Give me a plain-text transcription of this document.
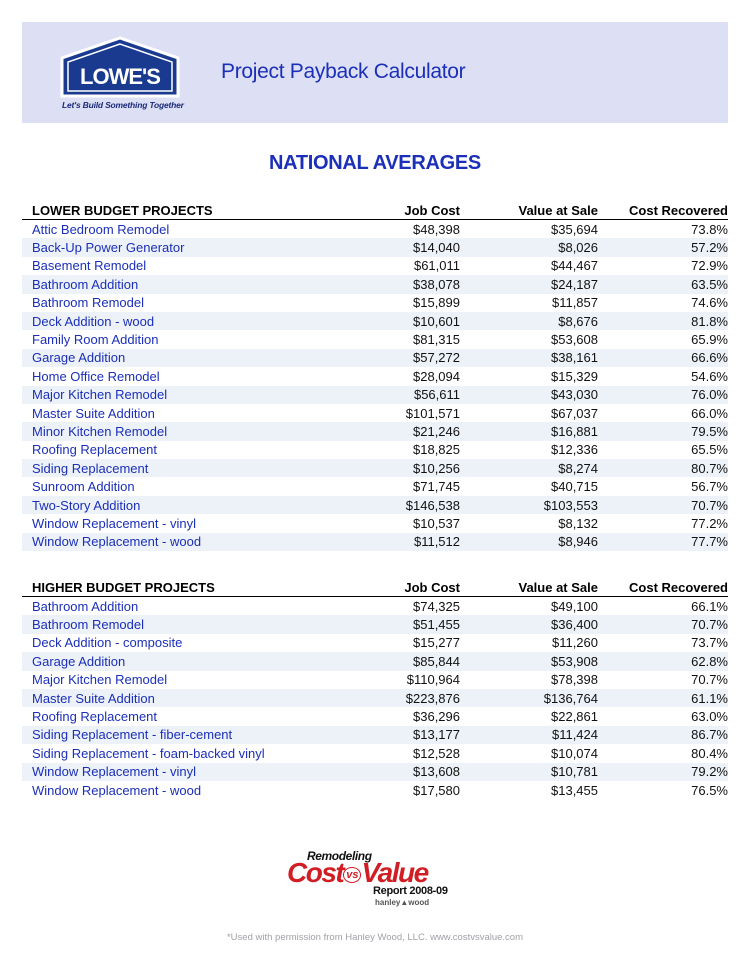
LOWE'S
Let's Build Something Together
Project Payback Calculator
NATIONAL AVERAGES
LOWER BUDGET PROJECTS	Job Cost	Value at Sale	Cost Recovered
Attic Bedroom Remodel	$48,398	$35,694	73.8%
Back-Up Power Generator	$14,040	$8,026	57.2%
Basement Remodel	$61,011	$44,467	72.9%
Bathroom Addition	$38,078	$24,187	63.5%
Bathroom Remodel	$15,899	$11,857	74.6%
Deck Addition - wood	$10,601	$8,676	81.8%
Family Room Addition	$81,315	$53,608	65.9%
Garage Addition	$57,272	$38,161	66.6%
Home Office Remodel	$28,094	$15,329	54.6%
Major Kitchen Remodel	$56,611	$43,030	76.0%
Master Suite Addition	$101,571	$67,037	66.0%
Minor Kitchen Remodel	$21,246	$16,881	79.5%
Roofing Replacement	$18,825	$12,336	65.5%
Siding Replacement	$10,256	$8,274	80.7%
Sunroom Addition	$71,745	$40,715	56.7%
Two-Story Addition	$146,538	$103,553	70.7%
Window Replacement - vinyl	$10,537	$8,132	77.2%
Window Replacement - wood	$11,512	$8,946	77.7%
HIGHER BUDGET PROJECTS	Job Cost	Value at Sale	Cost Recovered
Bathroom Addition	$74,325	$49,100	66.1%
Bathroom Remodel	$51,455	$36,400	70.7%
Deck Addition - composite	$15,277	$11,260	73.7%
Garage Addition	$85,844	$53,908	62.8%
Major Kitchen Remodel	$110,964	$78,398	70.7%
Master Suite Addition	$223,876	$136,764	61.1%
Roofing Replacement	$36,296	$22,861	63.0%
Siding Replacement - fiber-cement	$13,177	$11,424	86.7%
Siding Replacement - foam-backed vinyl	$12,528	$10,074	80.4%
Window Replacement - vinyl	$13,608	$10,781	79.2%
Window Replacement - wood	$17,580	$13,455	76.5%
Remodeling
Cost vs Value
Report 2008-09
hanley▲wood
*Used with permission from Hanley Wood, LLC. www.costvsvalue.com
